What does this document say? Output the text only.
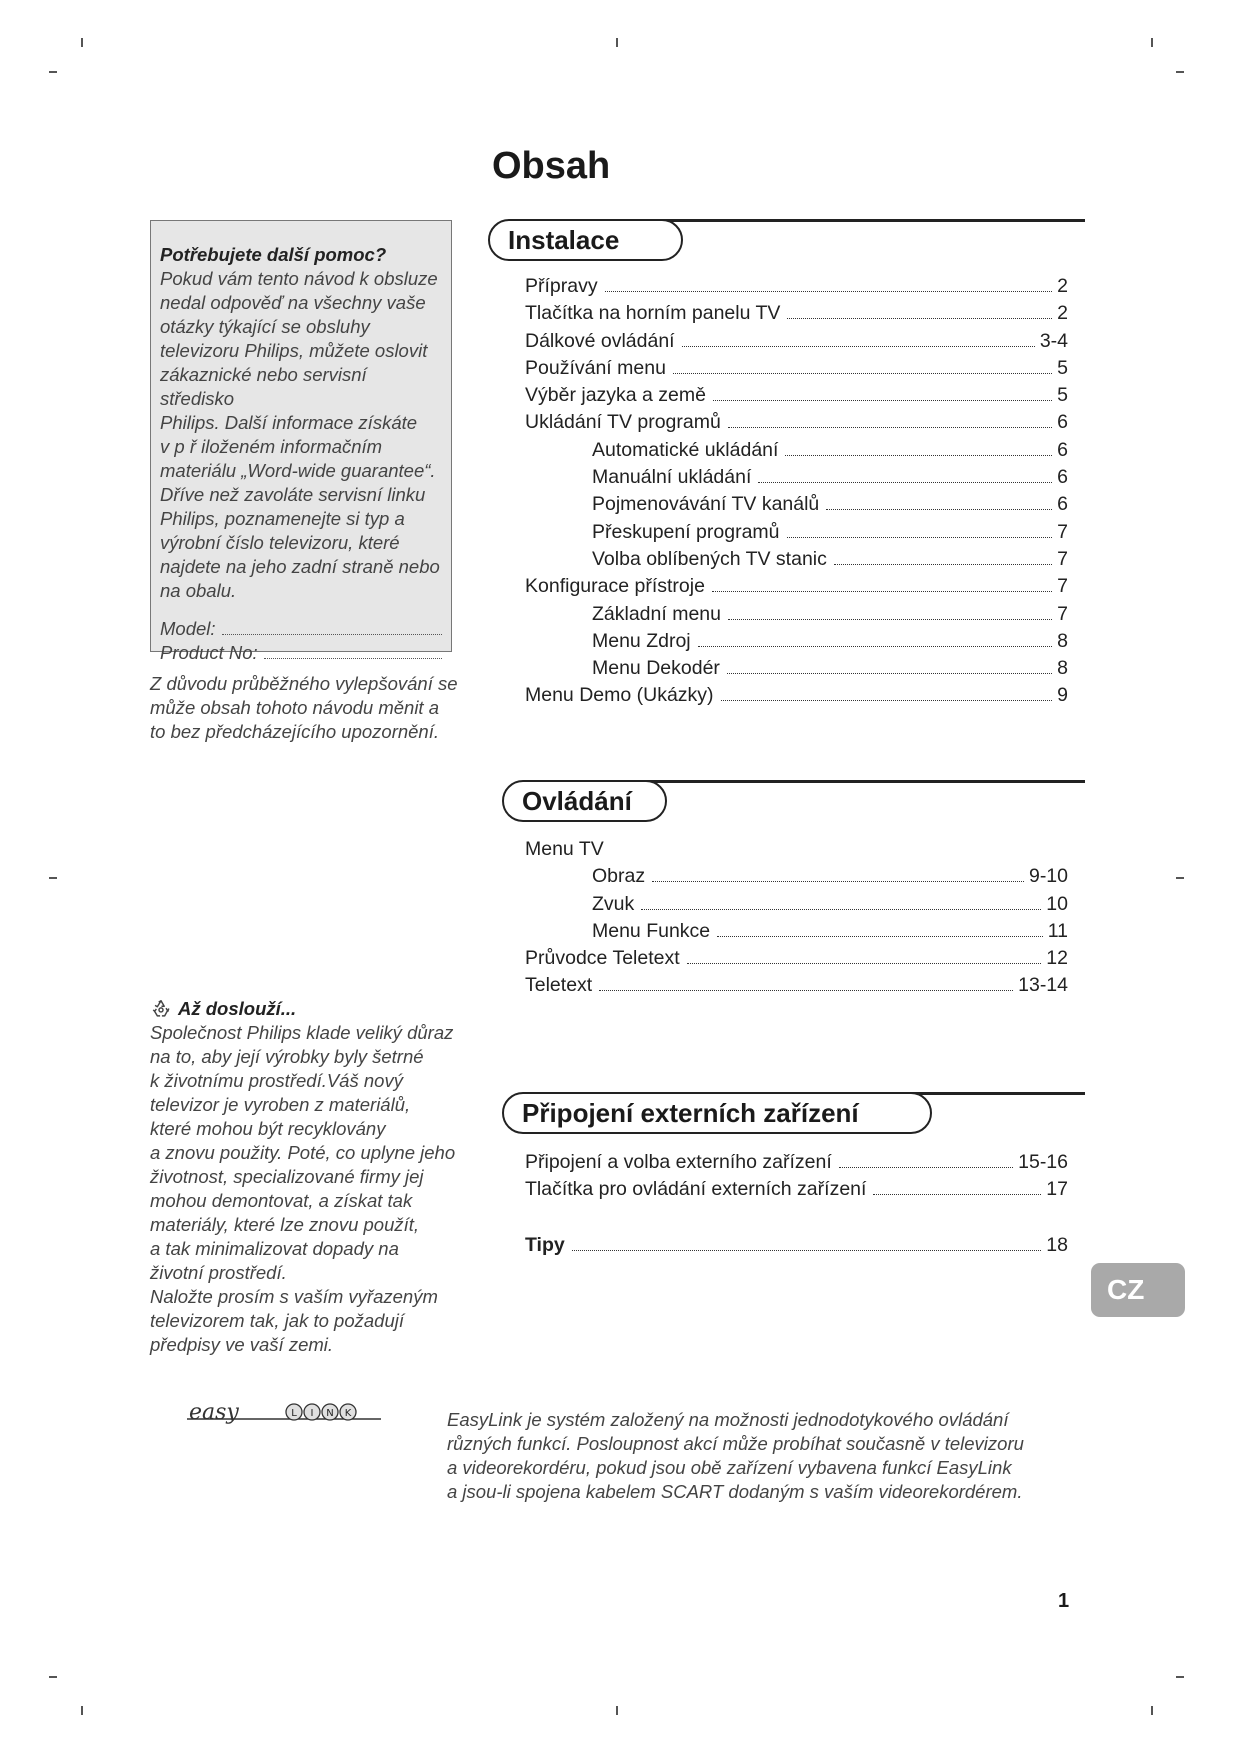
Obsah
Potřebujete další pomoc?
Pokud vám tento návod k obsluze
nedal odpověď na všechny vaše
otázky týkající se obsluhy
televizoru Philips, můžete oslovit
zákaznické nebo servisní středisko
Philips. Další informace získáte
v p ř iloženém informačním
materiálu „Word-wide guarantee“.
Dříve než zavoláte servisní linku
Philips, poznamenejte si typ a
výrobní číslo televizoru, které
najdete na jeho zadní straně nebo
na obalu.
Model:
Product No:
Z důvodu průběžného vylepšování se
může obsah tohoto návodu měnit a
to bez předcházejícího upozornění.
Až doslouží...
Společnost Philips klade veliký důraz
na to, aby její výrobky byly šetrné
k životnímu prostředí.Váš nový
televizor je vyroben z materiálů,
které mohou být recyklovány
a znovu použity. Poté, co uplyne jeho
životnost, specializované firmy jej
mohou demontovat, a získat tak
materiály, které lze znovu použít,
a tak minimalizovat dopady na
životní prostředí.
Naložte prosím s vaším vyřazeným
televizorem tak, jak to požadují
předpisy ve vaší zemi.
Instalace
Přípravy	2
Tlačítka na horním panelu TV	2
Dálkové ovládání	3-4
Používání menu	5
Výběr jazyka a země	5
Ukládání TV programů	6
Automatické ukládání	6
Manuální ukládání	6
Pojmenovávání TV kanálů	6
Přeskupení programů	7
Volba oblíbených TV stanic	7
Konfigurace přístroje	7
Základní menu	7
Menu Zdroj	8
Menu Dekodér	8
Menu Demo (Ukázky)	9
Ovládání
Menu TV
Obraz	9-10
Zvuk	10
Menu Funkce	11
Průvodce Teletext	12
Teletext	13-14
Připojení externích zařízení
Připojení a volba externího zařízení	15-16
Tlačítka pro ovládání externích zařízení	17
Tipy	18
CZ
easy	L I N K	EasyLink je systém založený na možnosti jednodotykového ovládání
různých funkcí. Posloupnost akcí může probíhat současně v televizoru
a videorekordéru, pokud jsou obě zařízení vybavena funkcí EasyLink
a jsou-li spojena kabelem SCART dodaným s vaším videorekordérem.
1
